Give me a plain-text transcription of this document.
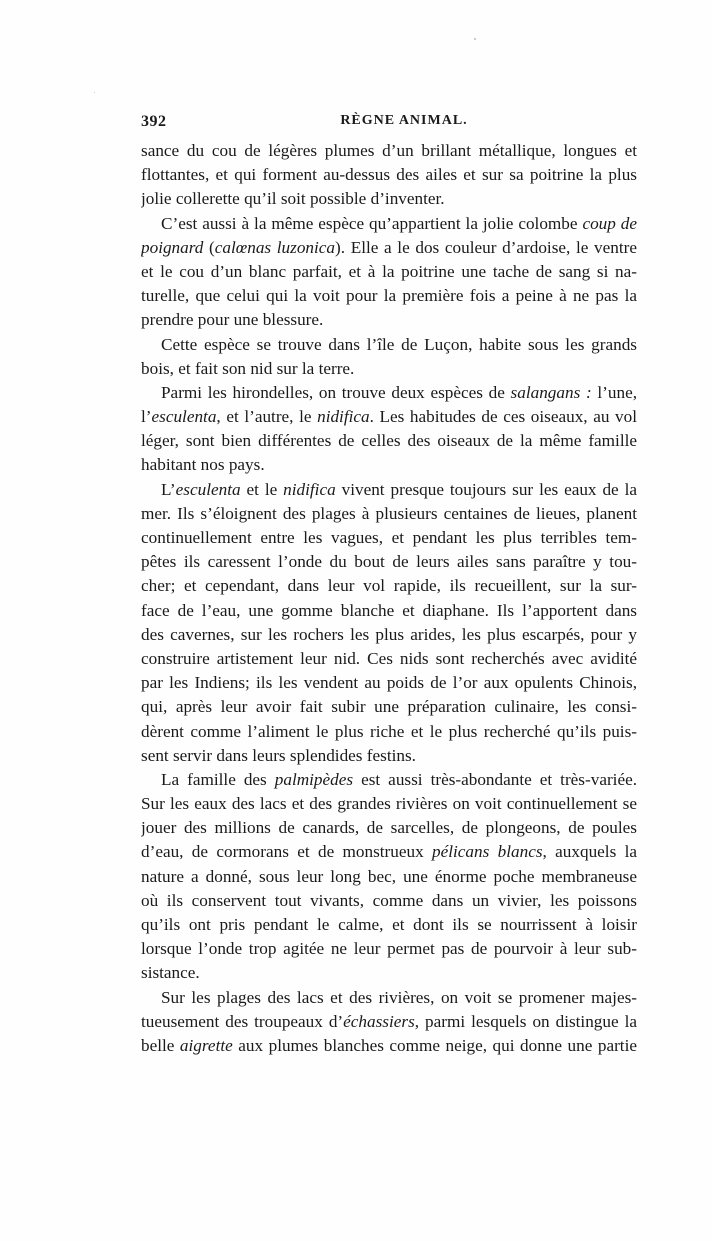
392	RÈGNE ANIMAL.
sance du cou de légères plumes d’un brillant métallique, longues et
flottantes, et qui forment au-dessus des ailes et sur sa poitrine la plus
jolie collerette qu’il soit possible d’inventer.
C’est aussi à la même espèce qu’appartient la jolie colombe coup de
poignard (calœnas luzonica). Elle a le dos couleur d’ardoise, le ventre
et le cou d’un blanc parfait, et à la poitrine une tache de sang si na-
turelle, que celui qui la voit pour la première fois a peine à ne pas la
prendre pour une blessure.
Cette espèce se trouve dans l’île de Luçon, habite sous les grands
bois, et fait son nid sur la terre.
Parmi les hirondelles, on trouve deux espèces de salangans : l’une,
l’esculenta, et l’autre, le nidifica. Les habitudes de ces oiseaux, au vol
léger, sont bien différentes de celles des oiseaux de la même famille
habitant nos pays.
L’esculenta et le nidifica vivent presque toujours sur les eaux de la
mer. Ils s’éloignent des plages à plusieurs centaines de lieues, planent
continuellement entre les vagues, et pendant les plus terribles tem-
pêtes ils caressent l’onde du bout de leurs ailes sans paraître y tou-
cher; et cependant, dans leur vol rapide, ils recueillent, sur la sur-
face de l’eau, une gomme blanche et diaphane. Ils l’apportent dans
des cavernes, sur les rochers les plus arides, les plus escarpés, pour y
construire artistement leur nid. Ces nids sont recherchés avec avidité
par les Indiens; ils les vendent au poids de l’or aux opulents Chinois,
qui, après leur avoir fait subir une préparation culinaire, les consi-
dèrent comme l’aliment le plus riche et le plus recherché qu’ils puis-
sent servir dans leurs splendides festins.
La famille des palmipèdes est aussi très-abondante et très-variée.
Sur les eaux des lacs et des grandes rivières on voit continuellement se
jouer des millions de canards, de sarcelles, de plongeons, de poules
d’eau, de cormorans et de monstrueux pélicans blancs, auxquels la
nature a donné, sous leur long bec, une énorme poche membraneuse
où ils conservent tout vivants, comme dans un vivier, les poissons
qu’ils ont pris pendant le calme, et dont ils se nourrissent à loisir
lorsque l’onde trop agitée ne leur permet pas de pourvoir à leur sub-
sistance.
Sur les plages des lacs et des rivières, on voit se promener majes-
tueusement des troupeaux d’échassiers, parmi lesquels on distingue la
belle aigrette aux plumes blanches comme neige, qui donne une partie
